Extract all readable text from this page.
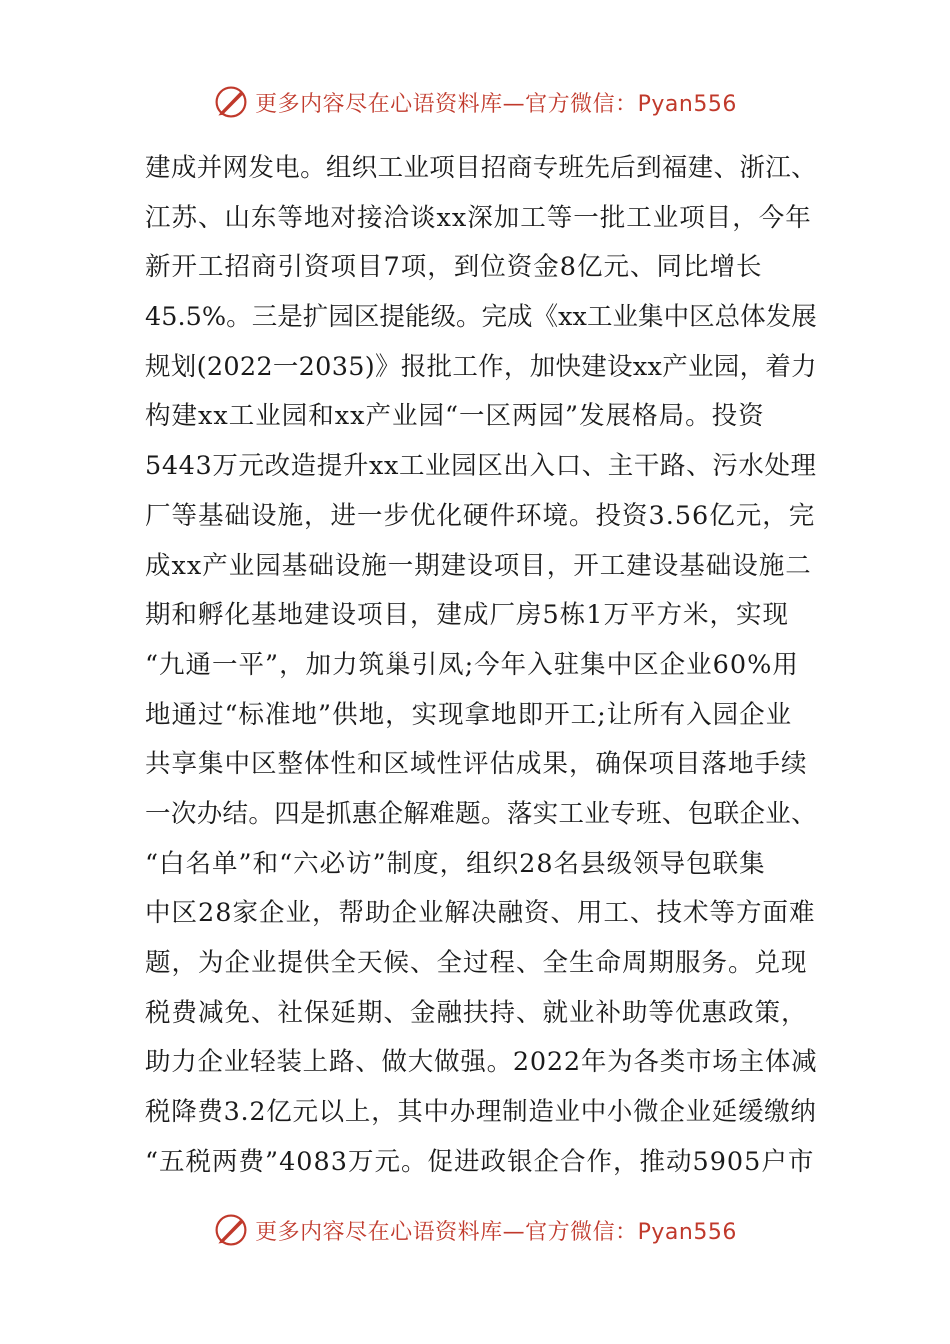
更多内容尽在心语资料库—官方微信：Pyan556
建成并网发电。组织工业项目招商专班先后到福建、浙江、
江苏、山东等地对接洽谈xx深加工等一批工业项目，今年
新开工招商引资项目7项，到位资金8亿元、同比增长
45.5%。三是扩园区提能级。完成《xx工业集中区总体发展
规划(2022一2035)》报批工作，加快建设xx产业园，着力
构建xx工业园和xx产业园“一区两园”发展格局。投资
5443万元改造提升xx工业园区出入口、主干路、污水处理
厂等基础设施，进一步优化硬件环境。投资3.56亿元，完
成xx产业园基础设施一期建设项目，开工建设基础设施二
期和孵化基地建设项目，建成厂房5栋1万平方米，实现
“九通一平”，加力筑巢引凤;今年入驻集中区企业60%用
地通过“标准地”供地，实现拿地即开工;让所有入园企业
共享集中区整体性和区域性评估成果，确保项目落地手续
一次办结。四是抓惠企解难题。落实工业专班、包联企业、
“白名单”和“六必访”制度，组织28名县级领导包联集
中区28家企业，帮助企业解决融资、用工、技术等方面难
题，为企业提供全天候、全过程、全生命周期服务。兑现
税费减免、社保延期、金融扶持、就业补助等优惠政策，
助力企业轻装上路、做大做强。2022年为各类市场主体减
税降费3.2亿元以上，其中办理制造业中小微企业延缓缴纳
“五税两费”4083万元。促进政银企合作，推动5905户市
更多内容尽在心语资料库—官方微信：Pyan556
